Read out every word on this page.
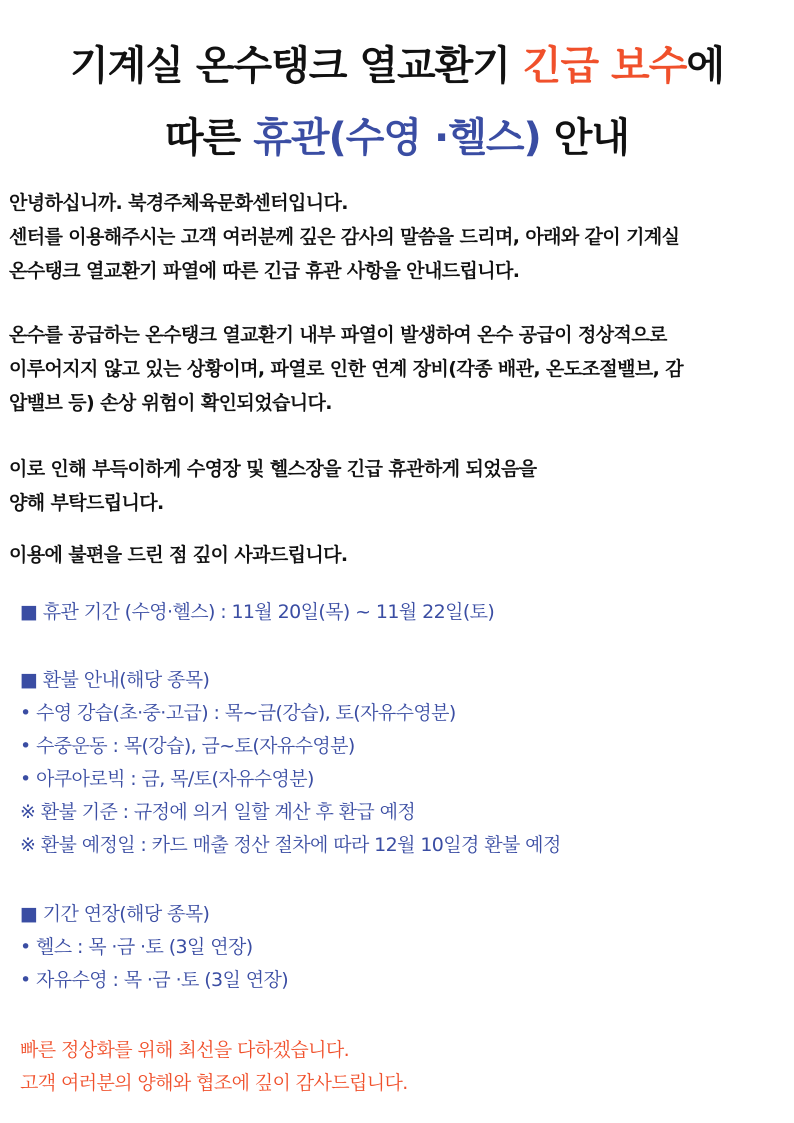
기계실 온수탱크 열교환기 긴급 보수에
따른 휴관(수영 ·헬스) 안내
안녕하십니까. 북경주체육문화센터입니다.
센터를 이용해주시는 고객 여러분께 깊은 감사의 말씀을 드리며, 아래와 같이 기계실
온수탱크 열교환기 파열에 따른 긴급 휴관 사항을 안내드립니다.
온수를 공급하는 온수탱크 열교환기 내부 파열이 발생하여 온수 공급이 정상적으로
이루어지지 않고 있는 상황이며, 파열로 인한 연계 장비(각종 배관, 온도조절밸브, 감
압밸브 등) 손상 위험이 확인되었습니다.
이로 인해 부득이하게 수영장 및 헬스장을 긴급 휴관하게 되었음을
양해 부탁드립니다.
이용에 불편을 드린 점 깊이 사과드립니다.
■ 휴관 기간 (수영·헬스) : 11월 20일(목) ~ 11월 22일(토)
■ 환불 안내(해당 종목)
• 수영 강습(초·중·고급) : 목~금(강습), 토(자유수영분)
• 수중운동 : 목(강습), 금~토(자유수영분)
• 아쿠아로빅 : 금, 목/토(자유수영분)
※ 환불 기준 : 규정에 의거 일할 계산 후 환급 예정
※ 환불 예정일 : 카드 매출 정산 절차에 따라 12월 10일경 환불 예정
■ 기간 연장(해당 종목)
• 헬스 : 목 ·금 ·토 (3일 연장)
• 자유수영 : 목 ·금 ·토 (3일 연장)
빠른 정상화를 위해 최선을 다하겠습니다.
고객 여러분의 양해와 협조에 깊이 감사드립니다.
